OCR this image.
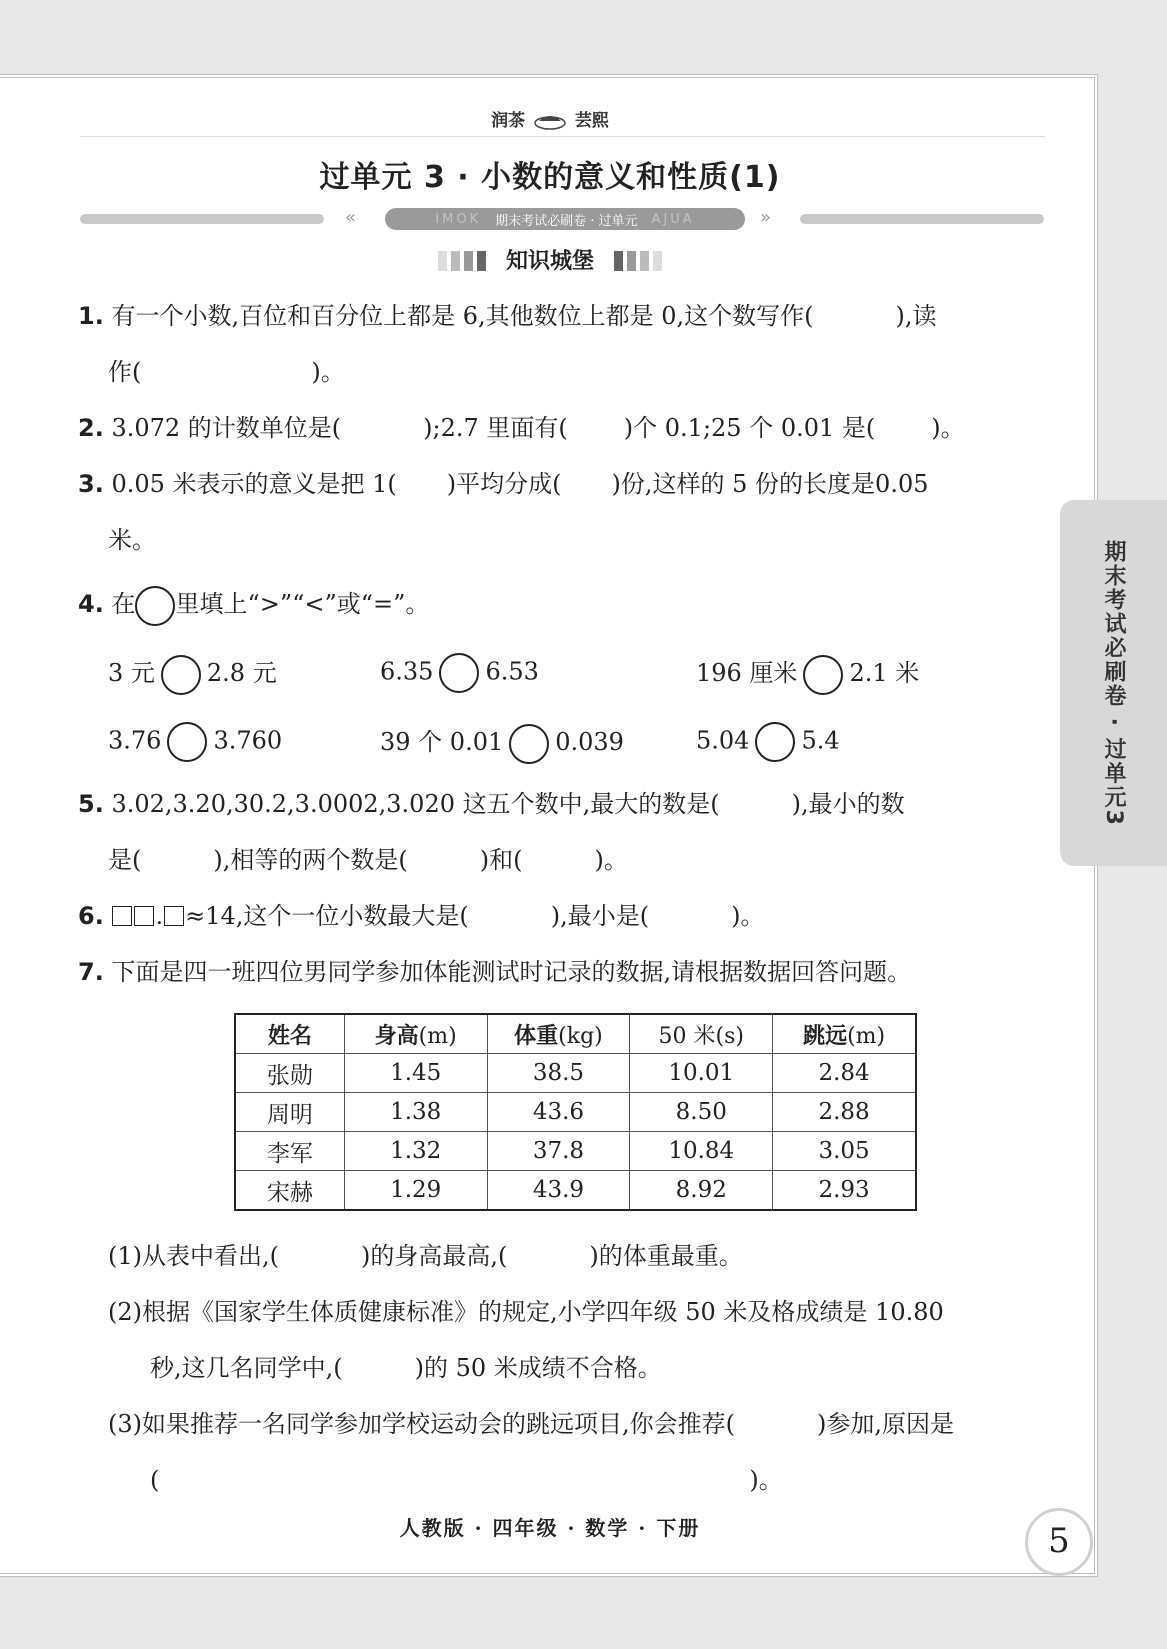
润茶	芸熙
过单元 3 · 小数的意义和性质(1)
«	IMOK 期末考试必刷卷 · 过单元 AJUA	»
知识城堡
1. 有一个小数,百位和百分位上都是 6,其他数位上都是 0,这个数写作(	),读
作(	)。
2. 3.072 的计数单位是(	);2.7 里面有( )个 0.1;25 个 0.01 是( )。
3. 0.05 米表示的意义是把 1( )平均分成( )份,这样的 5 份的长度是0.05
米。
4. 在 里填上“>”“<”或“=”。
3 元 2.8 元	6.35 6.53	196 厘米 2.1 米
3.76 3.760	39 个 0.01 0.039	5.04 5.4
5. 3.02,3.20,30.2,3.0002,3.020 这五个数中,最大的数是(	),最小的数
是(	),相等的两个数是(	)和(	)。
6. . ≈14,这个一位小数最大是(	),最小是(	)。
7. 下面是四一班四位男同学参加体能测试时记录的数据,请根据数据回答问题。
姓名	身高(m)	体重(kg)	50 米(s)	跳远(m)
张勋	1.45	38.5	10.01	2.84
周明	1.38	43.6	8.50	2.88
李军	1.32	37.8	10.84	3.05
宋赫	1.29	43.9	8.92	2.93
(1)从表中看出,(	)的身高最高,(	)的体重最重。
(2)根据《国家学生体质健康标准》的规定,小学四年级 50 米及格成绩是 10.80
秒,这几名同学中,(	)的 50 米成绩不合格。
(3)如果推荐一名同学参加学校运动会的跳远项目,你会推荐(	)参加,原因是
(	)。
期末考试必刷卷 · 过单元3
人教版 · 四年级 · 数学 · 下册	5
